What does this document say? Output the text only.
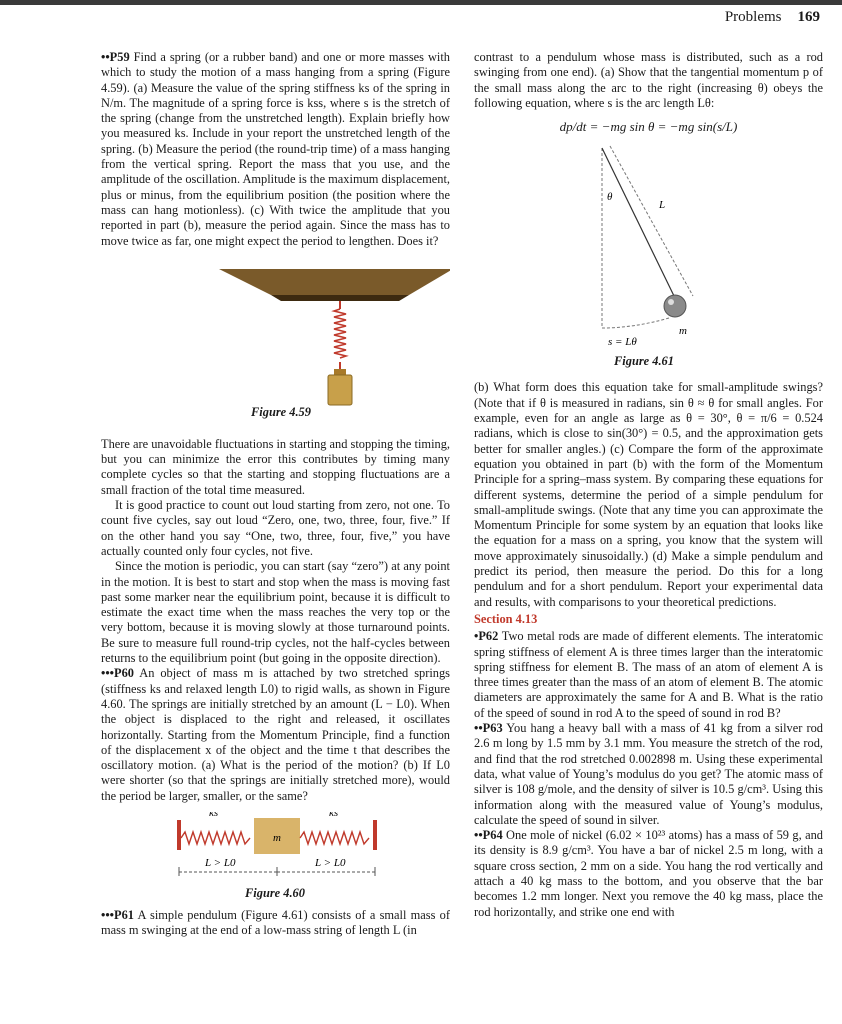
Problems 169

••P59 Find a spring (or a rubber band) and one or more masses with which to study the motion of a mass hanging from a spring (Figure 4.59). (a) Measure the value of the spring stiffness ks of the spring in N/m. The magnitude of a spring force is kss, where s is the stretch of the spring (change from the unstretched length). Explain briefly how you measured ks. Include in your report the unstretched length of the spring. (b) Measure the period (the round-trip time) of a mass hanging from the vertical spring. Report the mass that you use, and the amplitude of the oscillation. Amplitude is the maximum displacement, plus or minus, from the equilibrium position (the position where the mass can hang motionless). (c) With twice the amplitude that you reported in part (b), measure the period again. Since the mass has to move twice as far, one might expect the period to lengthen. Does it?

Figure 4.59

There are unavoidable fluctuations in starting and stopping the timing, but you can minimize the error this contributes by timing many complete cycles so that the starting and stopping fluctuations are a small fraction of the total time measured.

It is good practice to count out loud starting from zero, not one. To count five cycles, say out loud “Zero, one, two, three, four, five.” If on the other hand you say “One, two, three, four, five,” you have actually counted only four cycles, not five.

Since the motion is periodic, you can start (say “zero”) at any point in the motion. It is best to start and stop when the mass is moving fast past some marker near the equilibrium point, because it is difficult to estimate the exact time when the mass reaches the very top or the very bottom, because it is moving slowly at those turnaround points. Be sure to measure full round-trip cycles, not the half-cycles between returns to the equilibrium point (but going in the opposite direction).

•••P60 An object of mass m is attached by two stretched springs (stiffness ks and relaxed length L0) to rigid walls, as shown in Figure 4.60. The springs are initially stretched by an amount (L − L0). When the object is displaced to the right and released, it oscillates horizontally. Starting from the Momentum Principle, find a function of the displacement x of the object and the time t that describes the oscillatory motion. (a) What is the period of the motion? (b) If L0 were shorter (so that the springs are initially stretched more), would the period be larger, smaller, or the same?

ks	ks
m
L > L0	L > L0
Figure 4.60

•••P61 A simple pendulum (Figure 4.61) consists of a small mass of mass m swinging at the end of a low-mass string of length L (in

contrast to a pendulum whose mass is distributed, such as a rod swinging from one end). (a) Show that the tangential momentum p of the small mass along the arc to the right (increasing θ) obeys the following equation, where s is the arc length Lθ:

dp/dt = −mg sin θ = −mg sin(s/L)
θ
L
m
s = Lθ
Figure 4.61

(b) What form does this equation take for small-amplitude swings? (Note that if θ is measured in radians, sin θ ≈ θ for small angles. For example, even for an angle as large as θ = 30°, θ = π/6 = 0.524 radians, which is close to sin(30°) = 0.5, and the approximation gets better for smaller angles.) (c) Compare the form of the approximate equation you obtained in part (b) with the form of the Momentum Principle for a spring–mass system. By comparing these equations for different systems, determine the period of a simple pendulum for small-amplitude swings. (Note that any time you can approximate the Momentum Principle for some system by an equation that looks like the equation for a mass on a spring, you know that the system will move approximately sinusoidally.) (d) Make a simple pendulum and predict its period, then measure the period. Do this for a long pendulum and for a short pendulum. Report your experimental data and results, with comparisons to your theoretical predictions.

Section 4.13

•P62 Two metal rods are made of different elements. The interatomic spring stiffness of element A is three times larger than the interatomic spring stiffness for element B. The mass of an atom of element A is three times greater than the mass of an atom of element B. The atomic diameters are approximately the same for A and B. What is the ratio of the speed of sound in rod A to the speed of sound in rod B?

••P63 You hang a heavy ball with a mass of 41 kg from a silver rod 2.6 m long by 1.5 mm by 3.1 mm. You measure the stretch of the rod, and find that the rod stretched 0.002898 m. Using these experimental data, what value of Young’s modulus do you get? The atomic mass of silver is 108 g/mole, and the density of silver is 10.5 g/cm³. Using this information along with the measured value of Young’s modulus, calculate the speed of sound in silver.

••P64 One mole of nickel (6.02 × 10²³ atoms) has a mass of 59 g, and its density is 8.9 g/cm³. You have a bar of nickel 2.5 m long, with a square cross section, 2 mm on a side. You hang the rod vertically and attach a 40 kg mass to the bottom, and you observe that the bar becomes 1.2 mm longer. Next you remove the 40 kg mass, place the rod horizontally, and strike one end with
